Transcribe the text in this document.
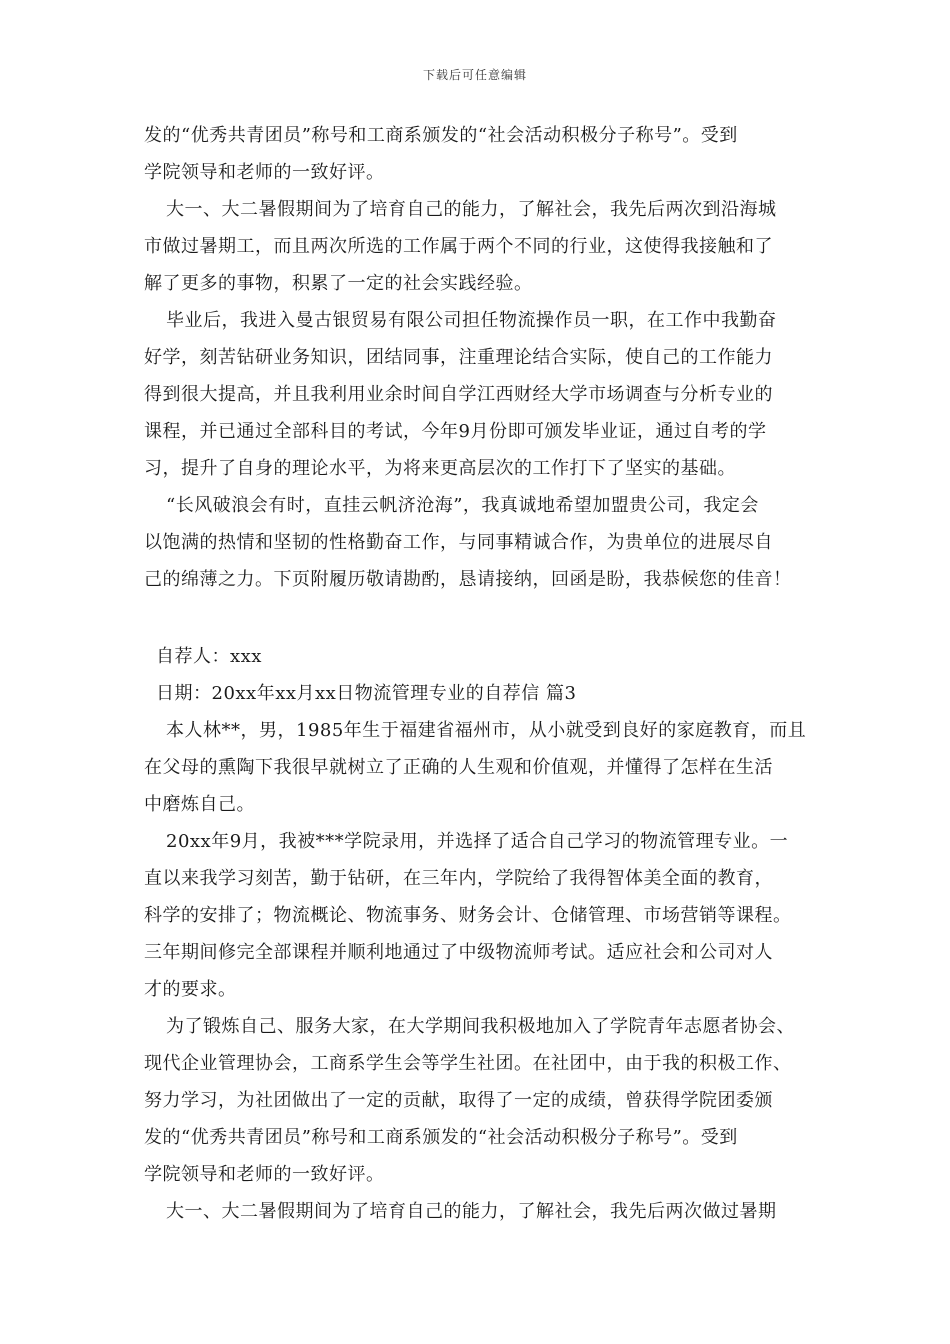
下载后可任意编辑
发的“优秀共青团员”称号和工商系颁发的“社会活动积极分子称号”。受到
学院领导和老师的一致好评。
大一、大二暑假期间为了培育自己的能力，了解社会，我先后两次到沿海城
市做过暑期工，而且两次所选的工作属于两个不同的行业，这使得我接触和了
解了更多的事物，积累了一定的社会实践经验。
毕业后，我进入曼古银贸易有限公司担任物流操作员一职，在工作中我勤奋
好学，刻苦钻研业务知识，团结同事，注重理论结合实际，使自己的工作能力
得到很大提高，并且我利用业余时间自学江西财经大学市场调查与分析专业的
课程，并已通过全部科目的考试，今年9月份即可颁发毕业证，通过自考的学
习，提升了自身的理论水平，为将来更高层次的工作打下了坚实的基础。
“长风破浪会有时，直挂云帆济沧海”，我真诚地希望加盟贵公司，我定会
以饱满的热情和坚韧的性格勤奋工作，与同事精诚合作，为贵单位的进展尽自
己的绵薄之力。下页附履历敬请勘酌，恳请接纳，回函是盼，我恭候您的佳音！
自荐人：xxx
日期：20xx年xx月xx日物流管理专业的自荐信 篇3
本人林**，男，1985年生于福建省福州市，从小就受到良好的家庭教育，而且
在父母的熏陶下我很早就树立了正确的人生观和价值观，并懂得了怎样在生活
中磨炼自己。
20xx年9月，我被***学院录用，并选择了适合自己学习的物流管理专业。一
直以来我学习刻苦，勤于钻研，在三年内，学院给了我得智体美全面的教育，
科学的安排了；物流概论、物流事务、财务会计、仓储管理、市场营销等课程。
三年期间修完全部课程并顺利地通过了中级物流师考试。适应社会和公司对人
才的要求。
为了锻炼自己、服务大家，在大学期间我积极地加入了学院青年志愿者协会、
现代企业管理协会，工商系学生会等学生社团。在社团中，由于我的积极工作、
努力学习，为社团做出了一定的贡献，取得了一定的成绩，曾获得学院团委颁
发的“优秀共青团员”称号和工商系颁发的“社会活动积极分子称号”。受到
学院领导和老师的一致好评。
大一、大二暑假期间为了培育自己的能力，了解社会，我先后两次做过暑期
